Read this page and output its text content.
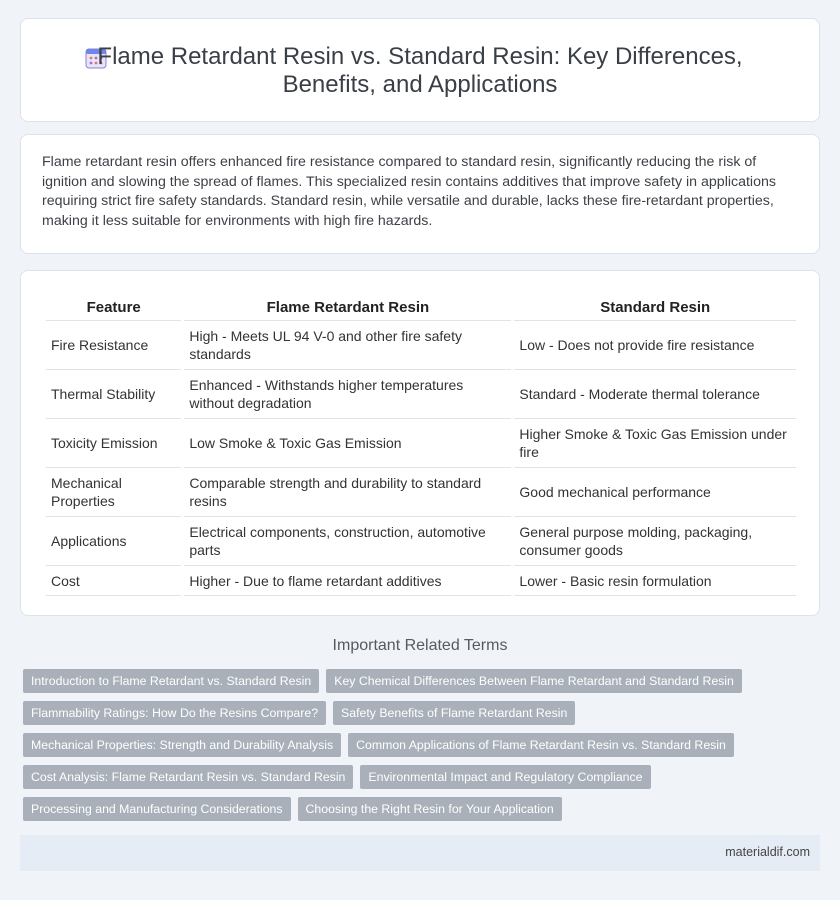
Flame Retardant Resin vs. Standard Resin: Key Differences,
Benefits, and Applications

Flame retardant resin offers enhanced fire resistance compared to standard resin, significantly reducing the risk of ignition and slowing the spread of flames. This specialized resin contains additives that improve safety in applications requiring strict fire safety standards. Standard resin, while versatile and durable, lacks these fire-retardant properties, making it less suitable for environments with high fire hazards.

Feature	Flame Retardant Resin	Standard Resin
Fire Resistance	High - Meets UL 94 V-0 and other fire safety standards	Low - Does not provide fire resistance
Thermal Stability	Enhanced - Withstands higher temperatures without degradation	Standard - Moderate thermal tolerance
Toxicity Emission	Low Smoke & Toxic Gas Emission	Higher Smoke & Toxic Gas Emission under fire
Mechanical Properties	Comparable strength and durability to standard resins	Good mechanical performance
Applications	Electrical components, construction, automotive parts	General purpose molding, packaging, consumer goods
Cost	Higher - Due to flame retardant additives	Lower - Basic resin formulation
Important Related Terms
Introduction to Flame Retardant vs. Standard Resin	Key Chemical Differences Between Flame Retardant and Standard Resin
Flammability Ratings: How Do the Resins Compare?	Safety Benefits of Flame Retardant Resin
Mechanical Properties: Strength and Durability Analysis	Common Applications of Flame Retardant Resin vs. Standard Resin
Cost Analysis: Flame Retardant Resin vs. Standard Resin	Environmental Impact and Regulatory Compliance
Processing and Manufacturing Considerations	Choosing the Right Resin for Your Application
materialdif.com
